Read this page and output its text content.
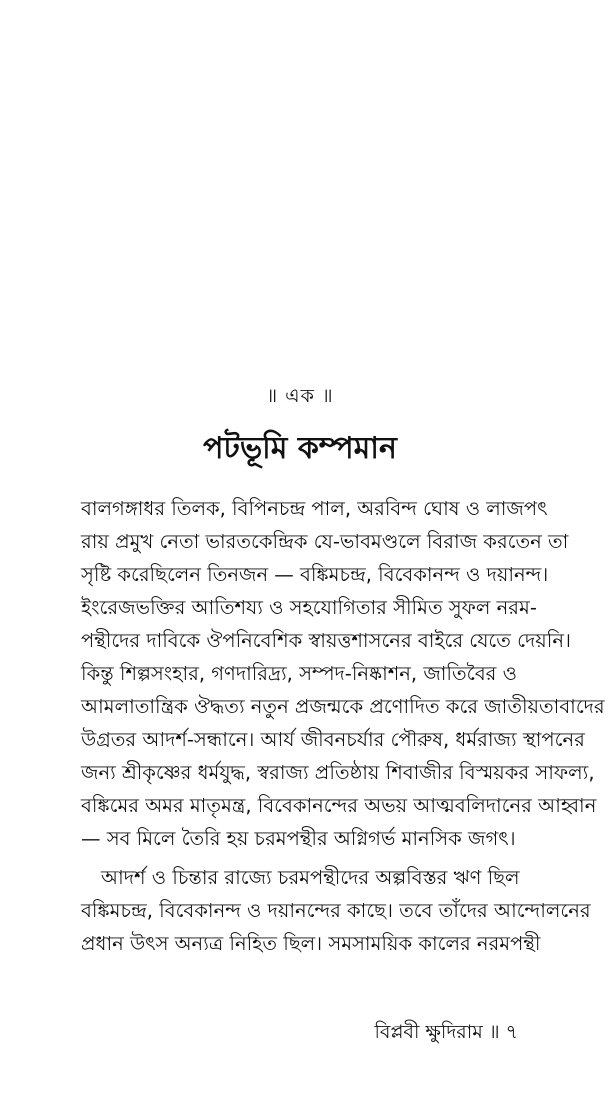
॥ এক ॥
পটভূমি কম্পমান
বালগঙ্গাধর তিলক, বিপিনচন্দ্র পাল, অরবিন্দ ঘোষ ও লাজপৎ
রায় প্রমুখ নেতা ভারতকেন্দ্রিক যে-ভাবমণ্ডলে বিরাজ করতেন তা
সৃষ্টি করেছিলেন তিনজন — বঙ্কিমচন্দ্র, বিবেকানন্দ ও দয়ানন্দ।
ইংরেজভক্তির আতিশয্য ও সহযোগিতার সীমিত সুফল নরম-
পন্থীদের দাবিকে ঔপনিবেশিক স্বায়ত্তশাসনের বাইরে যেতে দেয়নি।
কিন্তু শিল্পসংহার, গণদারিদ্র্য, সম্পদ-নিষ্কাশন, জাতিবৈর ও
আমলাতান্ত্রিক ঔদ্ধত্য নতুন প্রজন্মকে প্রণোদিত করে জাতীয়তাবাদের
উগ্রতর আদর্শ-সন্ধানে। আর্য জীবনচর্যার পৌরুষ, ধর্মরাজ্য স্থাপনের
জন্য শ্রীকৃষ্ণের ধর্মযুদ্ধ, স্বরাজ্য প্রতিষ্ঠায় শিবাজীর বিস্ময়কর সাফল্য,
বঙ্কিমের অমর মাতৃমন্ত্র, বিবেকানন্দের অভয় আত্মবলিদানের আহ্বান
— সব মিলে তৈরি হয় চরমপন্থীর অগ্নিগর্ভ মানসিক জগৎ।
আদর্শ ও চিন্তার রাজ্যে চরমপন্থীদের অল্পবিস্তর ঋণ ছিল
বঙ্কিমচন্দ্র, বিবেকানন্দ ও দয়ানন্দের কাছে। তবে তাঁদের আন্দোলনের
প্রধান উৎস অন্যত্র নিহিত ছিল। সমসাময়িক কালের নরমপন্থী
বিপ্লবী ক্ষুদিরাম ॥ ৭
